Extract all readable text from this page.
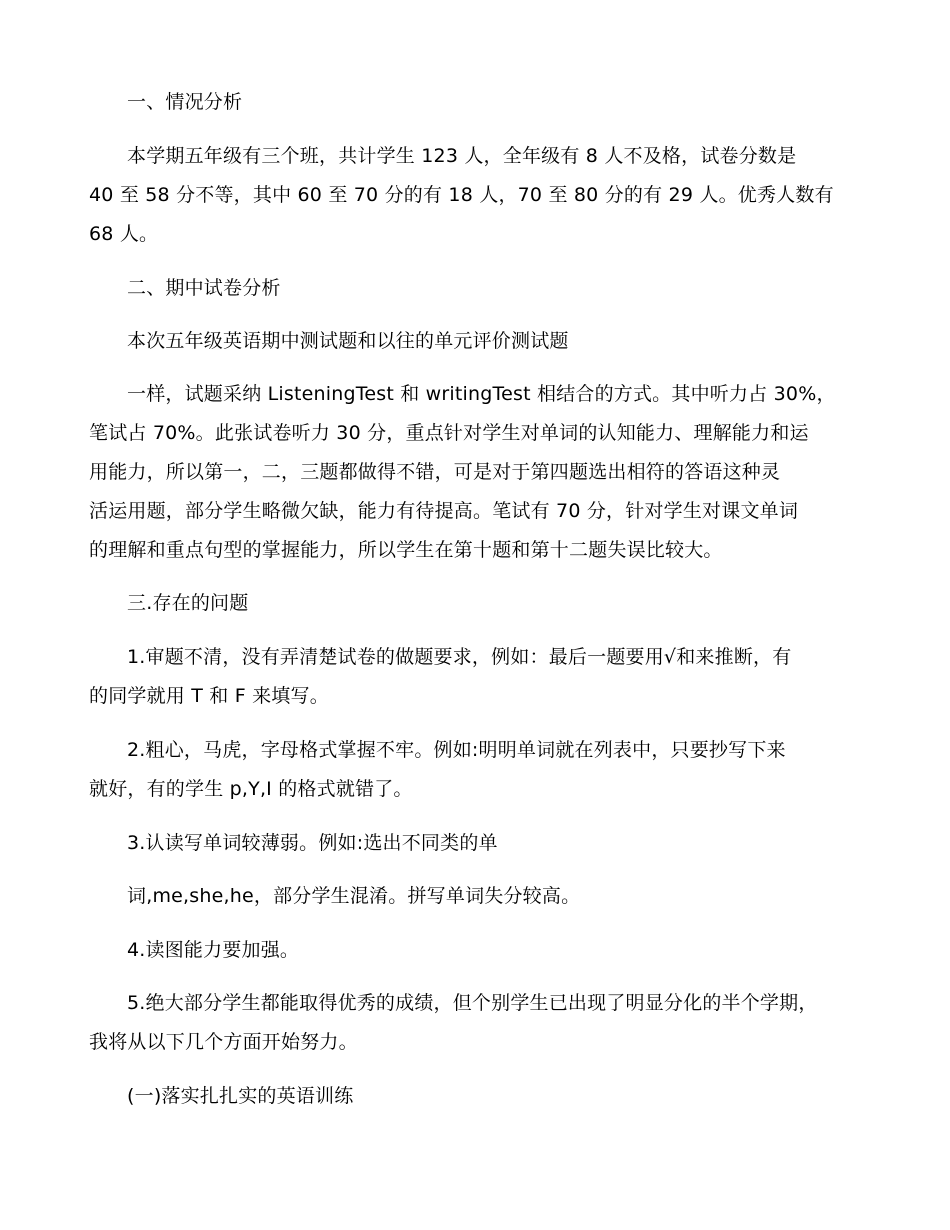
一、情况分析
本学期五年级有三个班，共计学生 123 人，全年级有 8 人不及格，试卷分数是
40 至 58 分不等，其中 60 至 70 分的有 18 人，70 至 80 分的有 29 人。优秀人数有
68 人。
二、期中试卷分析
本次五年级英语期中测试题和以往的单元评价测试题
一样，试题采纳 ListeningTest 和 writingTest 相结合的方式。其中听力占 30%，
笔试占 70%。此张试卷听力 30 分，重点针对学生对单词的认知能力、理解能力和运
用能力，所以第一，二，三题都做得不错，可是对于第四题选出相符的答语这种灵
活运用题，部分学生略微欠缺，能力有待提高。笔试有 70 分，针对学生对课文单词
的理解和重点句型的掌握能力，所以学生在第十题和第十二题失误比较大。
三.存在的问题
1.审题不清，没有弄清楚试卷的做题要求，例如：最后一题要用√和来推断，有
的同学就用 T 和 F 来填写。
2.粗心，马虎，字母格式掌握不牢。例如:明明单词就在列表中，只要抄写下来
就好，有的学生 p,Y,I 的格式就错了。
3.认读写单词较薄弱。例如:选出不同类的单
词,me,she,he，部分学生混淆。拼写单词失分较高。
4.读图能力要加强。
5.绝大部分学生都能取得优秀的成绩，但个别学生已出现了明显分化的半个学期，
我将从以下几个方面开始努力。
(一)落实扎扎实的英语训练
